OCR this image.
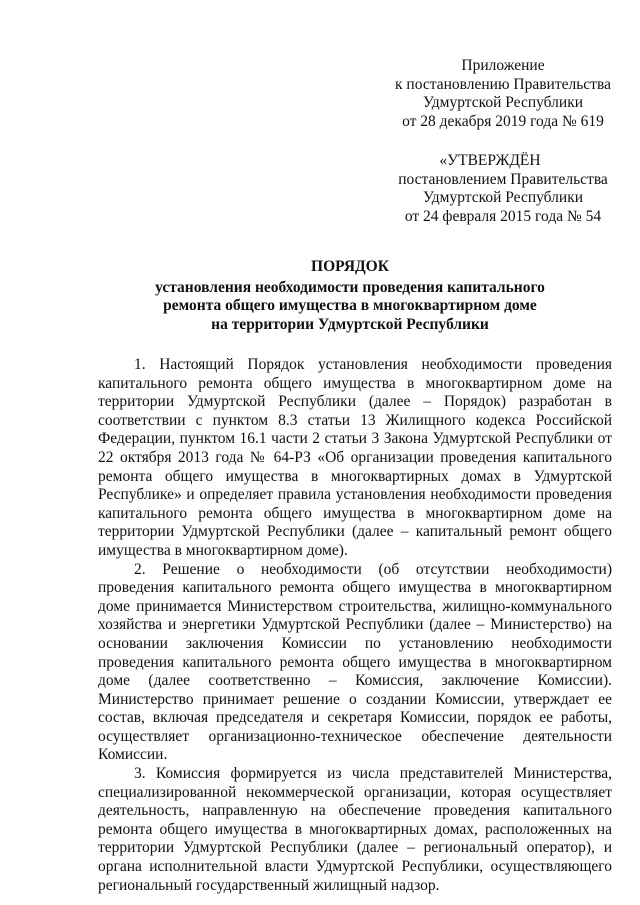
Приложение
к постановлению Правительства
Удмуртской Республики
от 28 декабря 2019 года № 619
«УТВЕРЖДЁН
постановлением Правительства
Удмуртской Республики
от 24 февраля 2015 года № 54
ПОРЯДОК
установления необходимости проведения капитального
ремонта общего имущества в многоквартирном доме
на территории Удмуртской Республики

1. Настоящий Порядок установления необходимости проведения капитального ремонта общего имущества в многоквартирном доме на территории Удмуртской Республики (далее – Порядок) разработан в соответствии с пунктом 8.3 статьи 13 Жилищного кодекса Российской Федерации, пунктом 16.1 части 2 статьи 3 Закона Удмуртской Республики от 22 октября 2013 года № 64-РЗ «Об организации проведения капитального ремонта общего имущества в многоквартирных домах в Удмуртской Республике» и определяет правила установления необходимости проведения капитального ремонта общего имущества в многоквартирном доме на территории Удмуртской Республики (далее – капитальный ремонт общего имущества в многоквартирном доме).

2. Решение о необходимости (об отсутствии необходимости) проведения капитального ремонта общего имущества в многоквартирном доме принимается Министерством строительства, жилищно-коммунального хозяйства и энергетики Удмуртской Республики (далее – Министерство) на основании заключения Комиссии по установлению необходимости проведения капитального ремонта общего имущества в многоквартирном доме (далее соответственно – Комиссия, заключение Комиссии). Министерство принимает решение о создании Комиссии, утверждает ее состав, включая председателя и секретаря Комиссии, порядок ее работы, осуществляет организационно-техническое обеспечение деятельности Комиссии.

3. Комиссия формируется из числа представителей Министерства, специализированной некоммерческой организации, которая осуществляет деятельность, направленную на обеспечение проведения капитального ремонта общего имущества в многоквартирных домах, расположенных на территории Удмуртской Республики (далее – региональный оператор), и органа исполнительной власти Удмуртской Республики, осуществляющего региональный государственный жилищный надзор.
